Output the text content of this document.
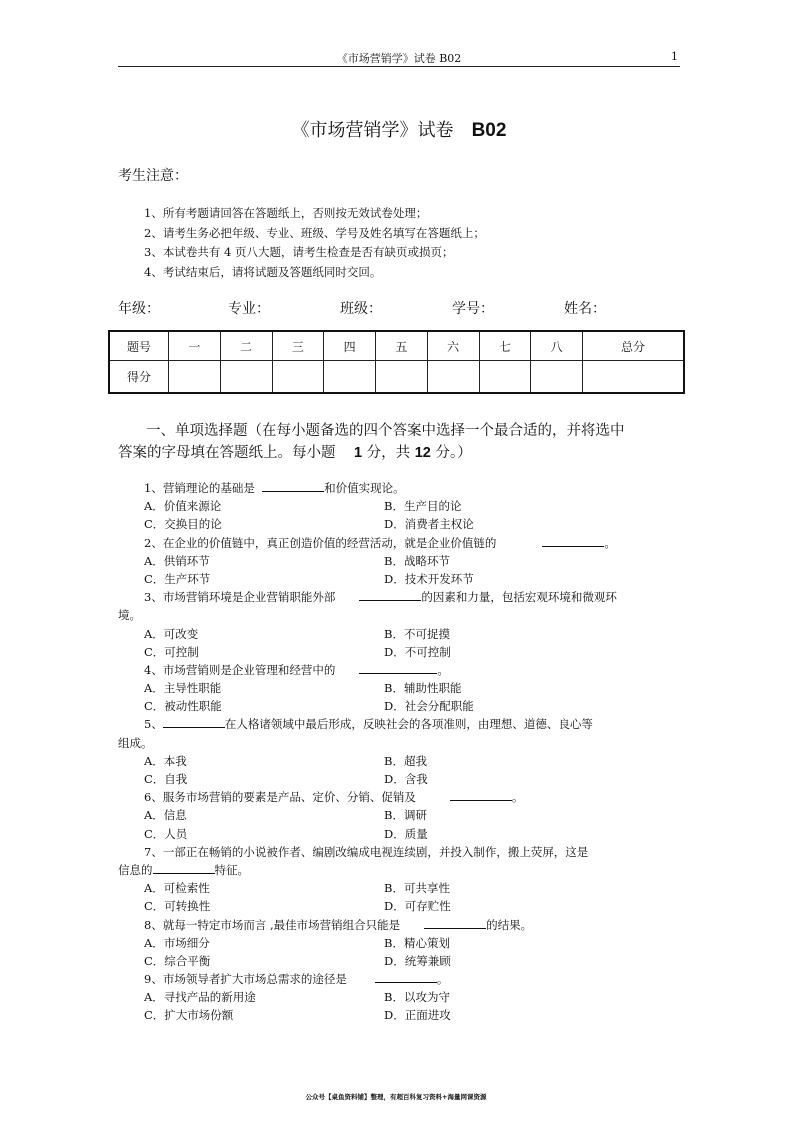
《市场营销学》试卷 B02	1
《市场营销学》试卷 B02
考生注意：
1、所有考题请回答在答题纸上，否则按无效试卷处理；
2、请考生务必把年级、专业、班级、学号及姓名填写在答题纸上；
3、本试卷共有 4 页八大题，请考生检查是否有缺页或损页；
4、考试结束后，请将试题及答题纸同时交回。
年级：	专业：	班级：	学号：	姓名：
题号	一	二	三	四	五	六	七	八	总分
得分									
一、单项选择题（在每小题备选的四个答案中选择一个最合适的，并将选中
答案的字母填在答题纸上。每小题 1 分，共 12 分。）
1、营销理论的基础是	和价值实现论。
A．价值来源论	B．生产目的论
C．交换目的论	D．消费者主权论
2、在企业的价值链中，真正创造价值的经营活动，就是企业价值链的	。
A．供销环节	B．战略环节
C．生产环节	D．技术开发环节
3、市场营销环境是企业营销职能外部	的因素和力量，包括宏观环境和微观环
境。
A．可改变	B．不可捉摸
C．可控制	D．不可控制
4、市场营销则是企业管理和经营中的	。
A．主导性职能	B．辅助性职能
C．被动性职能	D．社会分配职能
5、	在人格诸领域中最后形成，反映社会的各项准则，由理想、道德、良心等
组成。
A．本我	B．超我
C．自我	D．含我
6、服务市场营销的要素是产品、定价、分销、促销及	。
A．信息	B．调研
C．人员	D．质量
7、一部正在畅销的小说被作者、编剧改编成电视连续剧，并投入制作，搬上荧屏，这是
信息的	特征。
A．可检索性	B．可共享性
C．可转换性	D．可存贮性
8、就每一特定市场而言 ,最佳市场营销组合只能是	的结果。
A．市场细分	B．精心策划
C．综合平衡	D．统筹兼顾
9、市场领导者扩大市场总需求的途径是	。
A．寻找产品的新用途	B．以攻为守
C．扩大市场份额	D．正面进攻
公众号【桌鱼资料铺】整理，有超百科复习资料+海量网课资源
